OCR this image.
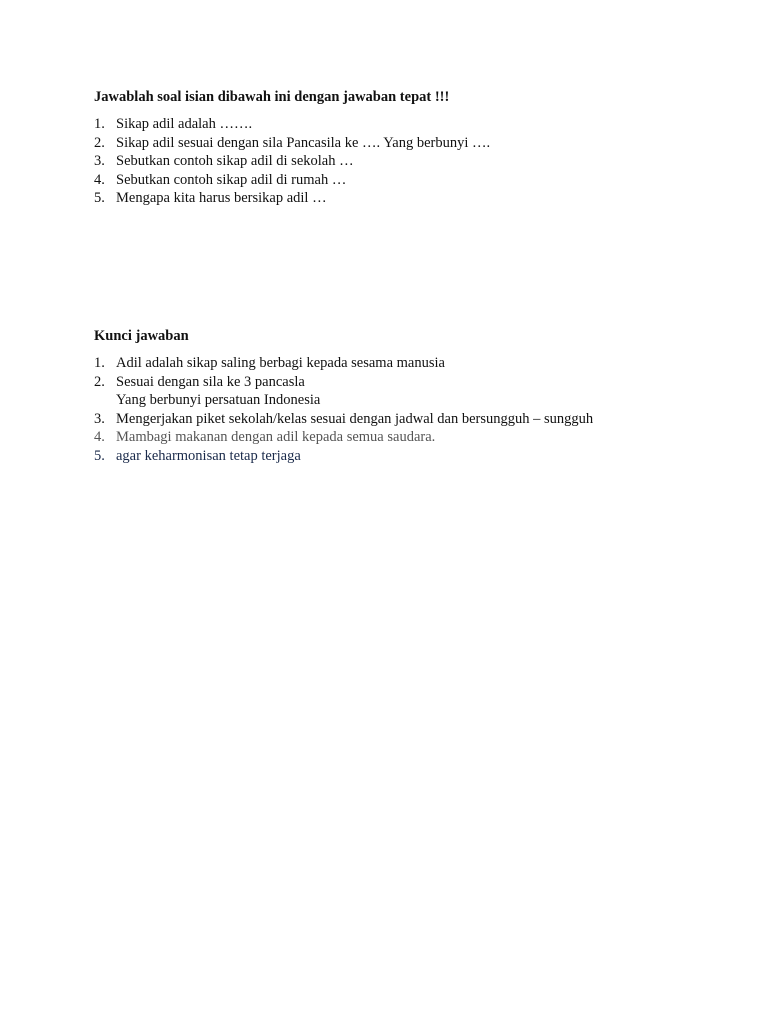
Jawablah soal isian dibawah ini dengan jawaban tepat !!!

1. Sikap adil adalah …….
2. Sikap adil sesuai dengan sila Pancasila ke …. Yang berbunyi ….
3. Sebutkan contoh sikap adil di sekolah …
4. Sebutkan contoh sikap adil di rumah …
5. Mengapa kita harus bersikap adil …

Kunci jawaban

1. Adil adalah sikap saling berbagi kepada sesama manusia
2. Sesuai dengan sila ke 3 pancasla
Yang berbunyi persatuan Indonesia
3. Mengerjakan piket sekolah/kelas sesuai dengan jadwal dan bersungguh – sungguh
4. Mambagi makanan dengan adil kepada semua saudara.
5. agar keharmonisan tetap terjaga
